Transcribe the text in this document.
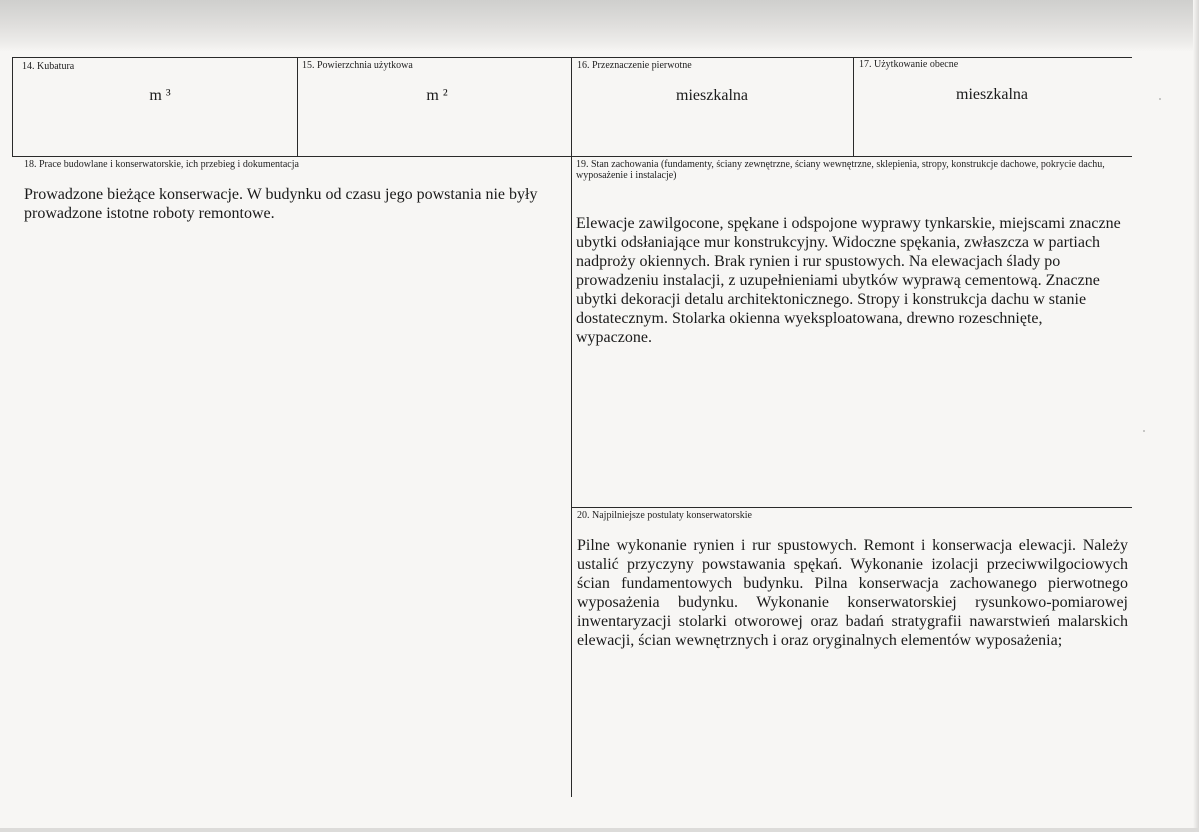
14. Kubatura
m ³
15. Powierzchnia użytkowa
m ²
16. Przeznaczenie pierwotne
mieszkalna
17. Użytkowanie obecne
mieszkalna
18. Prace budowlane i konserwatorskie, ich przebieg i dokumentacja
Prowadzone bieżące konserwacje. W budynku od czasu jego powstania nie były prowadzone istotne roboty remontowe.
19. Stan zachowania (fundamenty, ściany zewnętrzne, ściany wewnętrzne, sklepienia, stropy, konstrukcje dachowe, pokrycie dachu, wyposażenie i instalacje)
Elewacje zawilgocone, spękane i odspojone wyprawy tynkarskie, miejscami znaczne ubytki odsłaniające mur konstrukcyjny. Widoczne spękania, zwłaszcza w partiach nadproży okiennych. Brak rynien i rur spustowych. Na elewacjach ślady po prowadzeniu instalacji, z uzupełnieniami ubytków wyprawą cementową. Znaczne ubytki dekoracji detalu architektonicznego. Stropy i konstrukcja dachu w stanie dostatecznym. Stolarka okienna wyeksploatowana, drewno rozeschnięte, wypaczone.
20. Najpilniejsze postulaty konserwatorskie
Pilne wykonanie rynien i rur spustowych. Remont i konserwacja elewacji. Należy ustalić przyczyny powstawania spękań. Wykonanie izolacji przeciwwilgociowych ścian fundamentowych budynku. Pilna konserwacja zachowanego pierwotnego wyposażenia budynku. Wykonanie konserwatorskiej rysunkowo-pomiarowej inwentaryzacji stolarki otworowej oraz badań stratygrafii nawarstwień malarskich elewacji, ścian wewnętrznych i oraz oryginalnych elementów wyposażenia;
